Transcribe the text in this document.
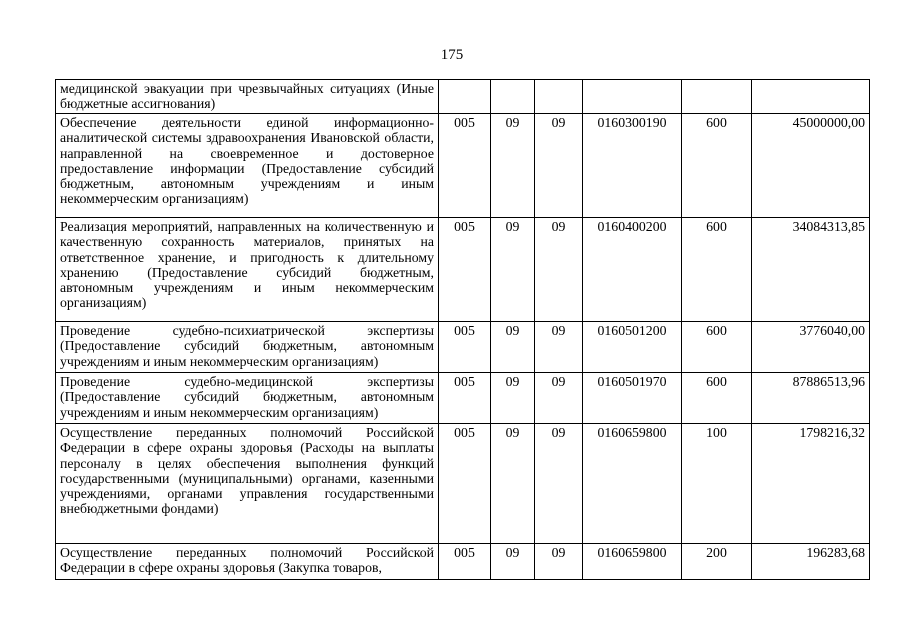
175
медицинской эвакуации при чрезвычайных ситуациях (Иные бюджетные ассигнования)						
Обеспечение деятельности единой информационно-аналитической системы здравоохранения Ивановской области, направленной на своевременное и достоверное предоставление информации (Предоставление субсидий бюджетным, автономным учреждениям и иным некоммерческим организациям)	005	09	09	0160300190	600	45000000,00
Реализация мероприятий, направленных на количественную и качественную сохранность материалов, принятых на ответственное хранение, и пригодность к длительному хранению (Предоставление субсидий бюджетным, автономным учреждениям и иным некоммерческим организациям)	005	09	09	0160400200	600	34084313,85
Проведение судебно-психиатрической экспертизы (Предоставление субсидий бюджетным, автономным учреждениям и иным некоммерческим организациям)	005	09	09	0160501200	600	3776040,00
Проведение судебно-медицинской экспертизы (Предоставление субсидий бюджетным, автономным учреждениям и иным некоммерческим организациям)	005	09	09	0160501970	600	87886513,96
Осуществление переданных полномочий Российской Федерации в сфере охраны здоровья (Расходы на выплаты персоналу в целях обеспечения выполнения функций государственными (муниципальными) органами, казенными учреждениями, органами управления государственными внебюджетными фондами)	005	09	09	0160659800	100	1798216,32
Осуществление переданных полномочий Российской Федерации в сфере охраны здоровья (Закупка товаров,	005	09	09	0160659800	200	196283,68
